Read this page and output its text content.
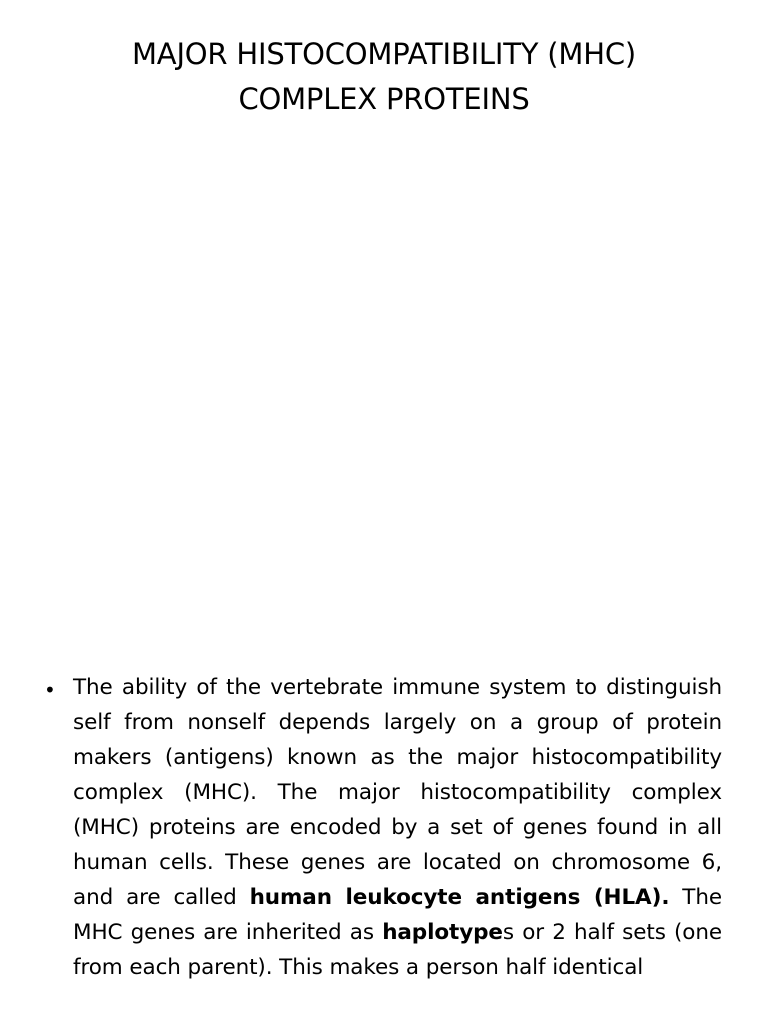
MAJOR HISTOCOMPATIBILITY (MHC)
COMPLEX PROTEINS
• The ability of the vertebrate immune system to distinguish self from nonself depends largely on a group of protein makers (antigens) known as the major histocompatibility complex (MHC). The major histocompatibility complex (MHC) proteins are encoded by a set of genes found in all human cells. These genes are located on chromosome 6, and are called human leukocyte antigens (HLA). The MHC genes are inherited as haplotypes or 2 half sets (one from each parent). This makes a person half identical
